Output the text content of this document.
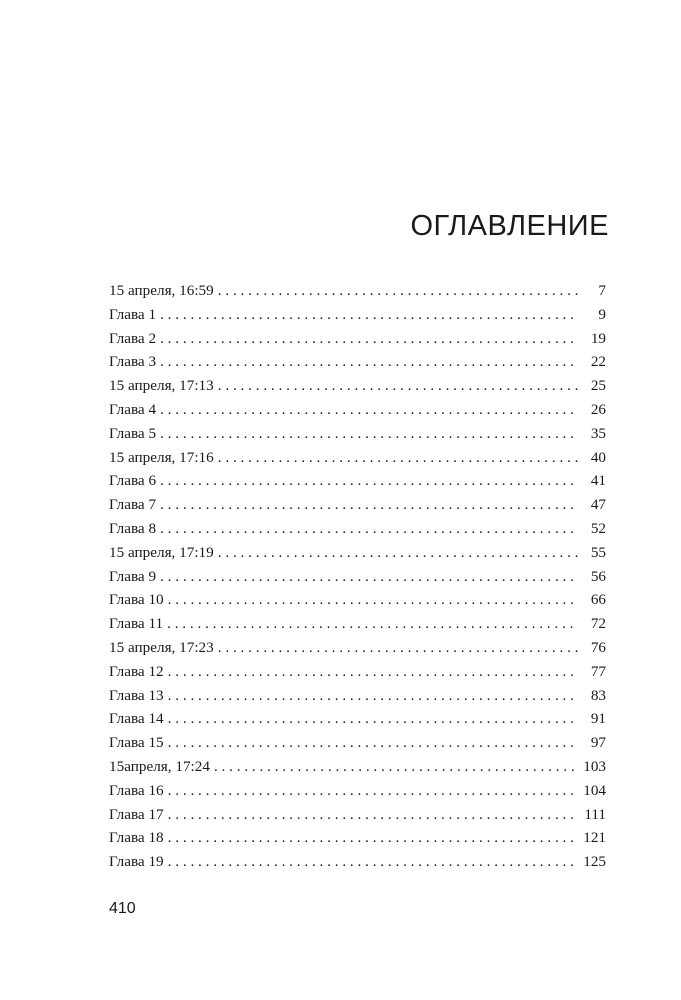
ОГЛАВЛЕНИЕ
15 апреля, 16:59 . . .	7
Глава 1 . . .	9
Глава 2 . . .	19
Глава 3 . . .	22
15 апреля, 17:13 . . .	25
Глава 4 . . .	26
Глава 5 . . .	35
15 апреля, 17:16 . . .	40
Глава 6 . . .	41
Глава 7 . . .	47
Глава 8 . . .	52
15 апреля, 17:19 . . .	55
Глава 9 . . .	56
Глава 10 . . .	66
Глава 11 . . .	72
15 апреля, 17:23 . . .	76
Глава 12 . . .	77
Глава 13 . . .	83
Глава 14 . . .	91
Глава 15 . . .	97
15апреля, 17:24 . . .	103
Глава 16 . . .	104
Глава 17 . . .	111
Глава 18 . . .	121
Глава 19 . . .	125
410
